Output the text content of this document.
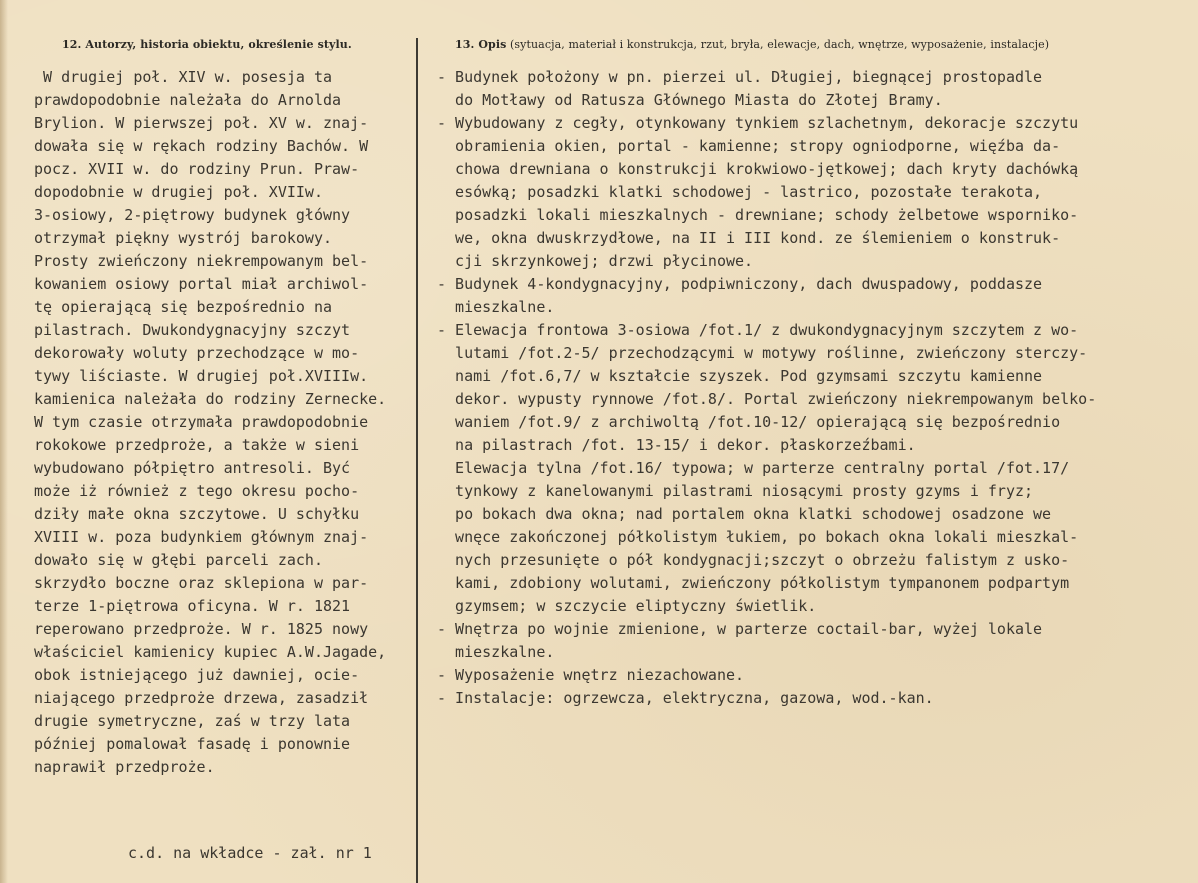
12. Autorzy, historia obiektu, określenie stylu.	13. Opis (sytuacja, materiał i konstrukcja, rzut, bryła, elewacje, dach, wnętrze, wyposażenie, instalacje)
W drugiej poł. XIV w. posesja ta
prawdopodobnie należała do Arnolda
Brylion. W pierwszej poł. XV w. znaj-
dowała się w rękach rodziny Bachów. W
pocz. XVII w. do rodziny Prun. Praw-
dopodobnie w drugiej poł. XVIIw.
3-osiowy, 2-piętrowy budynek główny
otrzymał piękny wystrój barokowy.
Prosty zwieńczony niekrempowanym bel-
kowaniem osiowy portal miał archiwol-
tę opierającą się bezpośrednio na
pilastrach. Dwukondygnacyjny szczyt
dekorowały woluty przechodzące w mo-
tywy liściaste. W drugiej poł.XVIIIw.
kamienica należała do rodziny Zernecke.
W tym czasie otrzymała prawdopodobnie
rokokowe przedproże, a także w sieni
wybudowano półpiętro antresoli. Być
może iż również z tego okresu pocho-
dziły małe okna szczytowe. U schyłku
XVIII w. poza budynkiem głównym znaj-
dowało się w głębi parceli zach.
skrzydło boczne oraz sklepiona w par-
terze 1-piętrowa oficyna. W r. 1821
reperowano przedproże. W r. 1825 nowy
właściciel kamienicy kupiec A.W.Jagade,
obok istniejącego już dawniej, ocie-
niającego przedproże drzewa, zasadził
drugie symetryczne, zaś w trzy lata
później pomalował fasadę i ponownie
naprawił przedproże.
c.d. na wkładce - zał. nr 1
- Budynek położony w pn. pierzei ul. Długiej, biegnącej prostopadle
do Motławy od Ratusza Głównego Miasta do Złotej Bramy.
- Wybudowany z cegły, otynkowany tynkiem szlachetnym, dekoracje szczytu
obramienia okien, portal - kamienne; stropy ogniodporne, więźba da-
chowa drewniana o konstrukcji krokwiowo-jętkowej; dach kryty dachówką
esówką; posadzki klatki schodowej - lastrico, pozostałe terakota,
posadzki lokali mieszkalnych - drewniane; schody żelbetowe wsporniko-
we, okna dwuskrzydłowe, na II i III kond. ze ślemieniem o konstruk-
cji skrzynkowej; drzwi płycinowe.
- Budynek 4-kondygnacyjny, podpiwniczony, dach dwuspadowy, poddasze
mieszkalne.
- Elewacja frontowa 3-osiowa /fot.1/ z dwukondygnacyjnym szczytem z wo-
lutami /fot.2-5/ przechodzącymi w motywy roślinne, zwieńczony sterczy-
nami /fot.6,7/ w kształcie szyszek. Pod gzymsami szczytu kamienne
dekor. wypusty rynnowe /fot.8/. Portal zwieńczony niekrempowanym belko-
waniem /fot.9/ z archiwoltą /fot.10-12/ opierającą się bezpośrednio
na pilastrach /fot. 13-15/ i dekor. płaskorzeźbami.
Elewacja tylna /fot.16/ typowa; w parterze centralny portal /fot.17/
tynkowy z kanelowanymi pilastrami niosącymi prosty gzyms i fryz;
po bokach dwa okna; nad portalem okna klatki schodowej osadzone we
wnęce zakończonej półkolistym łukiem, po bokach okna lokali mieszkal-
nych przesunięte o pół kondygnacji;szczyt o obrzeżu falistym z usko-
kami, zdobiony wolutami, zwieńczony półkolistym tympanonem podpartym
gzymsem; w szczycie eliptyczny świetlik.
- Wnętrza po wojnie zmienione, w parterze coctail-bar, wyżej lokale
mieszkalne.
- Wyposażenie wnętrz niezachowane.
- Instalacje: ogrzewcza, elektryczna, gazowa, wod.-kan.
